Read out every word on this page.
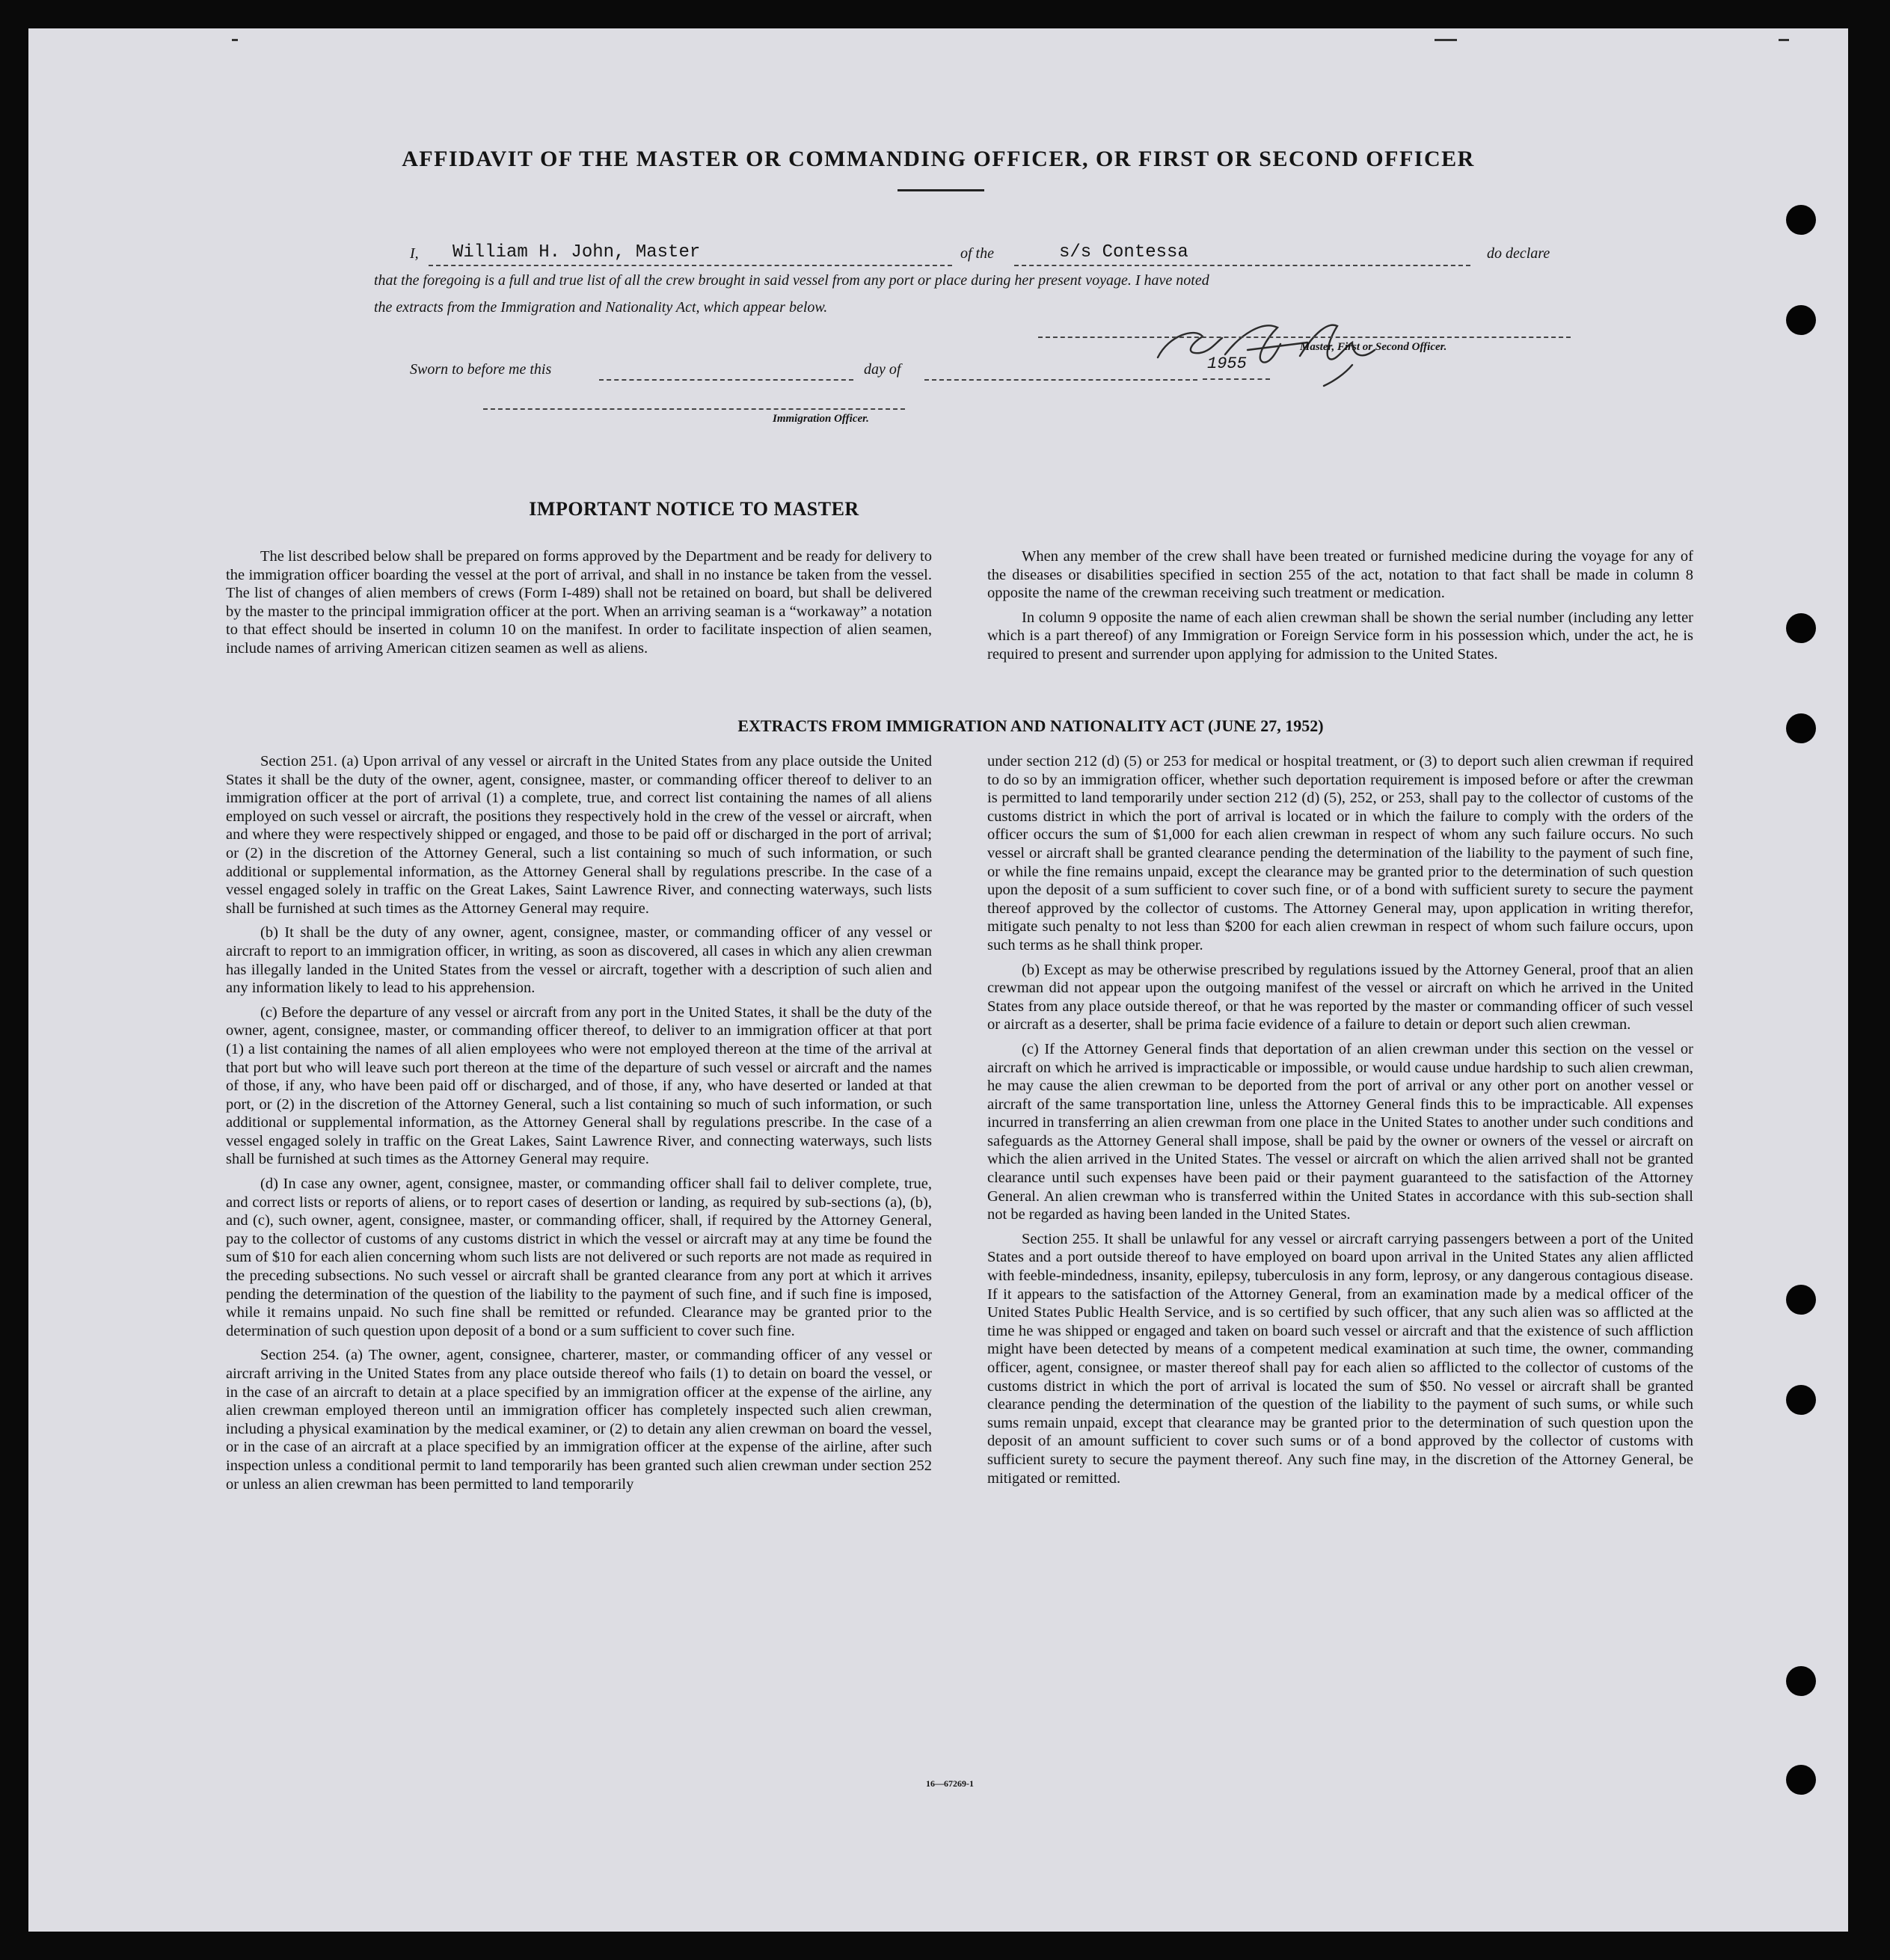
AFFIDAVIT OF THE MASTER OR COMMANDING OFFICER, OR FIRST OR SECOND OFFICER
I, William H. John, Master	of the	s/s Contessa	do declare
that the foregoing is a full and true list of all the crew brought in said vessel from any port or place during her present voyage. I have noted
the extracts from the Immigration and Nationality Act, which appear below.
Master, First or Second Officer.
Sworn to before me this	day of	1955
Immigration Officer.
IMPORTANT NOTICE TO MASTER

The list described below shall be prepared on forms approved by the Department and be ready for delivery to the immigration officer boarding the vessel at the port of arrival, and shall in no instance be taken from the vessel. The list of changes of alien members of crews (Form I-489) shall not be retained on board, but shall be delivered by the master to the principal immigration officer at the port. When an arriving seaman is a “workaway” a notation to that effect should be inserted in column 10 on the manifest. In order to facilitate inspection of alien seamen, include names of arriving American citizen seamen as well as aliens.

When any member of the crew shall have been treated or furnished medicine during the voyage for any of the diseases or disabilities specified in section 255 of the act, notation to that fact shall be made in column 8 opposite the name of the crewman receiving such treatment or medication.

In column 9 opposite the name of each alien crewman shall be shown the serial number (including any letter which is a part thereof) of any Immigration or Foreign Service form in his possession which, under the act, he is required to present and surrender upon applying for admission to the United States.

EXTRACTS FROM IMMIGRATION AND NATIONALITY ACT (JUNE 27, 1952)

Section 251. (a) Upon arrival of any vessel or aircraft in the United States from any place outside the United States it shall be the duty of the owner, agent, consignee, master, or commanding officer thereof to deliver to an immigration officer at the port of arrival (1) a complete, true, and correct list containing the names of all aliens employed on such vessel or aircraft, the positions they respectively hold in the crew of the vessel or aircraft, when and where they were respectively shipped or engaged, and those to be paid off or discharged in the port of arrival; or (2) in the discretion of the Attorney General, such a list containing so much of such information, or such additional or supplemental information, as the Attorney General shall by regulations prescribe. In the case of a vessel engaged solely in traffic on the Great Lakes, Saint Lawrence River, and connecting waterways, such lists shall be furnished at such times as the Attorney General may require.

(b) It shall be the duty of any owner, agent, consignee, master, or commanding officer of any vessel or aircraft to report to an immigration officer, in writing, as soon as discovered, all cases in which any alien crewman has illegally landed in the United States from the vessel or aircraft, together with a description of such alien and any information likely to lead to his apprehension.

(c) Before the departure of any vessel or aircraft from any port in the United States, it shall be the duty of the owner, agent, consignee, master, or commanding officer thereof, to deliver to an immigration officer at that port (1) a list containing the names of all alien employees who were not employed thereon at the time of the arrival at that port but who will leave such port thereon at the time of the departure of such vessel or aircraft and the names of those, if any, who have been paid off or discharged, and of those, if any, who have deserted or landed at that port, or (2) in the discretion of the Attorney General, such a list containing so much of such information, or such additional or supplemental information, as the Attorney General shall by regulations prescribe. In the case of a vessel engaged solely in traffic on the Great Lakes, Saint Lawrence River, and connecting waterways, such lists shall be furnished at such times as the Attorney General may require.

(d) In case any owner, agent, consignee, master, or commanding officer shall fail to deliver complete, true, and correct lists or reports of aliens, or to report cases of desertion or landing, as required by sub-sections (a), (b), and (c), such owner, agent, consignee, master, or commanding officer, shall, if required by the Attorney General, pay to the collector of customs of any customs district in which the vessel or aircraft may at any time be found the sum of $10 for each alien concerning whom such lists are not delivered or such reports are not made as required in the preceding subsections. No such vessel or aircraft shall be granted clearance from any port at which it arrives pending the determination of the question of the liability to the payment of such fine, and if such fine is imposed, while it remains unpaid. No such fine shall be remitted or refunded. Clearance may be granted prior to the determination of such question upon deposit of a bond or a sum sufficient to cover such fine.

Section 254. (a) The owner, agent, consignee, charterer, master, or commanding officer of any vessel or aircraft arriving in the United States from any place outside thereof who fails (1) to detain on board the vessel, or in the case of an aircraft to detain at a place specified by an immigration officer at the expense of the airline, any alien crewman employed thereon until an immigration officer has completely inspected such alien crewman, including a physical examination by the medical examiner, or (2) to detain any alien crewman on board the vessel, or in the case of an aircraft at a place specified by an immigration officer at the expense of the airline, after such inspection unless a conditional permit to land temporarily has been granted such alien crewman under section 252 or unless an alien crewman has been permitted to land temporarily

under section 212 (d) (5) or 253 for medical or hospital treatment, or (3) to deport such alien crewman if required to do so by an immigration officer, whether such deportation requirement is imposed before or after the crewman is permitted to land temporarily under section 212 (d) (5), 252, or 253, shall pay to the collector of customs of the customs district in which the port of arrival is located or in which the failure to comply with the orders of the officer occurs the sum of $1,000 for each alien crewman in respect of whom any such failure occurs. No such vessel or aircraft shall be granted clearance pending the determination of the liability to the payment of such fine, or while the fine remains unpaid, except the clearance may be granted prior to the determination of such question upon the deposit of a sum sufficient to cover such fine, or of a bond with sufficient surety to secure the payment thereof approved by the collector of customs. The Attorney General may, upon application in writing therefor, mitigate such penalty to not less than $200 for each alien crewman in respect of whom such failure occurs, upon such terms as he shall think proper.

(b) Except as may be otherwise prescribed by regulations issued by the Attorney General, proof that an alien crewman did not appear upon the outgoing manifest of the vessel or aircraft on which he arrived in the United States from any place outside thereof, or that he was reported by the master or commanding officer of such vessel or aircraft as a deserter, shall be prima facie evidence of a failure to detain or deport such alien crewman.

(c) If the Attorney General finds that deportation of an alien crewman under this section on the vessel or aircraft on which he arrived is impracticable or impossible, or would cause undue hardship to such alien crewman, he may cause the alien crewman to be deported from the port of arrival or any other port on another vessel or aircraft of the same transportation line, unless the Attorney General finds this to be impracticable. All expenses incurred in transferring an alien crewman from one place in the United States to another under such conditions and safeguards as the Attorney General shall impose, shall be paid by the owner or owners of the vessel or aircraft on which the alien arrived in the United States. The vessel or aircraft on which the alien arrived shall not be granted clearance until such expenses have been paid or their payment guaranteed to the satisfaction of the Attorney General. An alien crewman who is transferred within the United States in accordance with this sub-section shall not be regarded as having been landed in the United States.

Section 255. It shall be unlawful for any vessel or aircraft carrying passengers between a port of the United States and a port outside thereof to have employed on board upon arrival in the United States any alien afflicted with feeble-mindedness, insanity, epilepsy, tuberculosis in any form, leprosy, or any dangerous contagious disease. If it appears to the satisfaction of the Attorney General, from an examination made by a medical officer of the United States Public Health Service, and is so certified by such officer, that any such alien was so afflicted at the time he was shipped or engaged and taken on board such vessel or aircraft and that the existence of such affliction might have been detected by means of a competent medical examination at such time, the owner, commanding officer, agent, consignee, or master thereof shall pay for each alien so afflicted to the collector of customs of the customs district in which the port of arrival is located the sum of $50. No vessel or aircraft shall be granted clearance pending the determination of the question of the liability to the payment of such sums, or while such sums remain unpaid, except that clearance may be granted prior to the determination of such question upon the deposit of an amount sufficient to cover such sums or of a bond approved by the collector of customs with sufficient surety to secure the payment thereof. Any such fine may, in the discretion of the Attorney General, be mitigated or remitted.

16—67269-1
